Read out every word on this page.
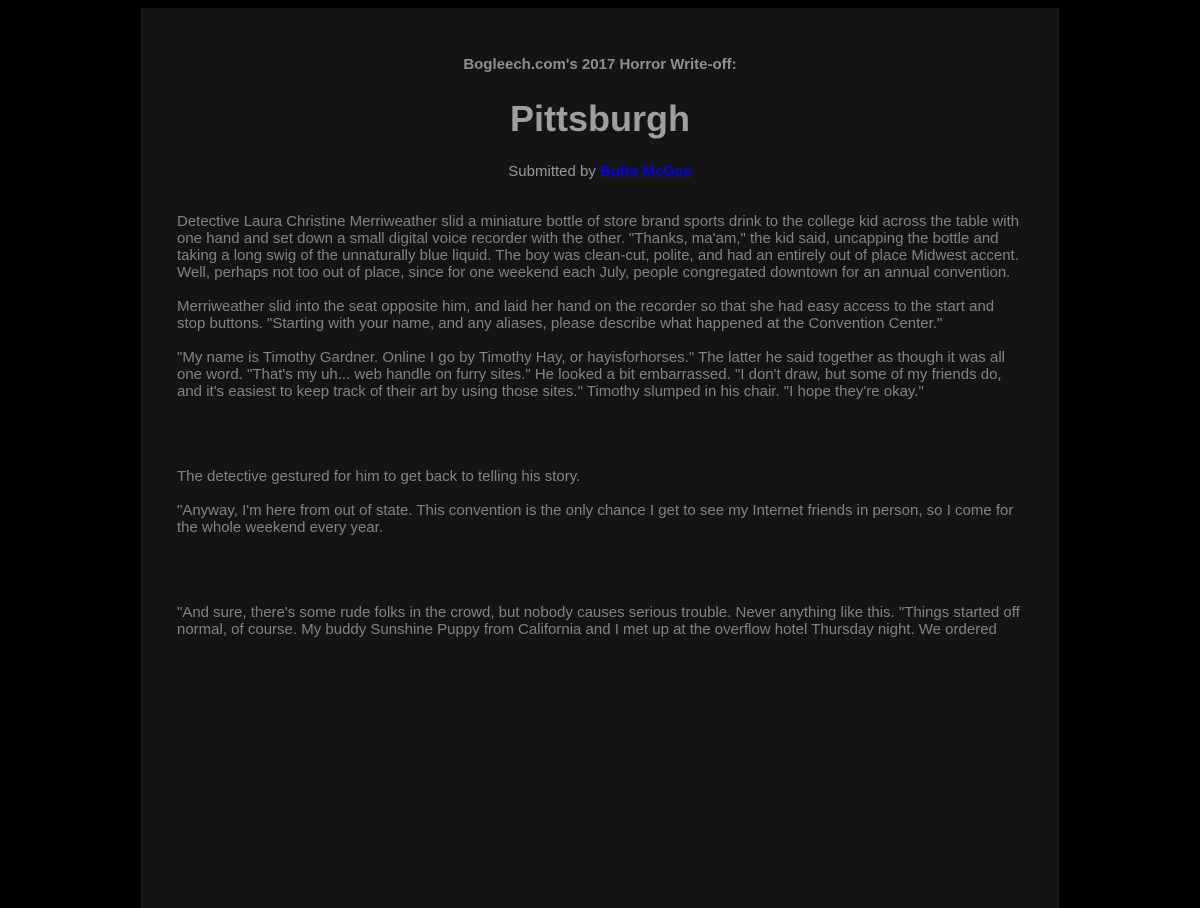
Bogleech.com's 2017 Horror Write-off:

Pittsburgh

Submitted by Butts McGee

Detective Laura Christine Merriweather slid a miniature bottle of store brand sports drink to the college kid across the table with one hand and set down a small digital voice recorder with the other. "Thanks, ma'am," the kid said, uncapping the bottle and taking a long swig of the unnaturally blue liquid. The boy was clean-cut, polite, and had an entirely out of place Midwest accent. Well, perhaps not too out of place, since for one weekend each July, people congregated downtown for an annual convention.

Merriweather slid into the seat opposite him, and laid her hand on the recorder so that she had easy access to the start and stop buttons. "Starting with your name, and any aliases, please describe what happened at the Convention Center."

"My name is Timothy Gardner. Online I go by Timothy Hay, or hayisforhorses." The latter he said together as though it was all one word. "That's my uh... web handle on furry sites." He looked a bit embarrassed. "I don't draw, but some of my friends do, and it's easiest to keep track of their art by using those sites." Timothy slumped in his chair. "I hope they're okay."

The detective gestured for him to get back to telling his story.

"Anyway, I'm here from out of state. This convention is the only chance I get to see my Internet friends in person, so I come for the whole weekend every year.

"And sure, there's some rude folks in the crowd, but nobody causes serious trouble. Never anything like this. "Things started off normal, of course. My buddy Sunshine Puppy from California and I met up at the overflow hotel Thursday night. We ordered
